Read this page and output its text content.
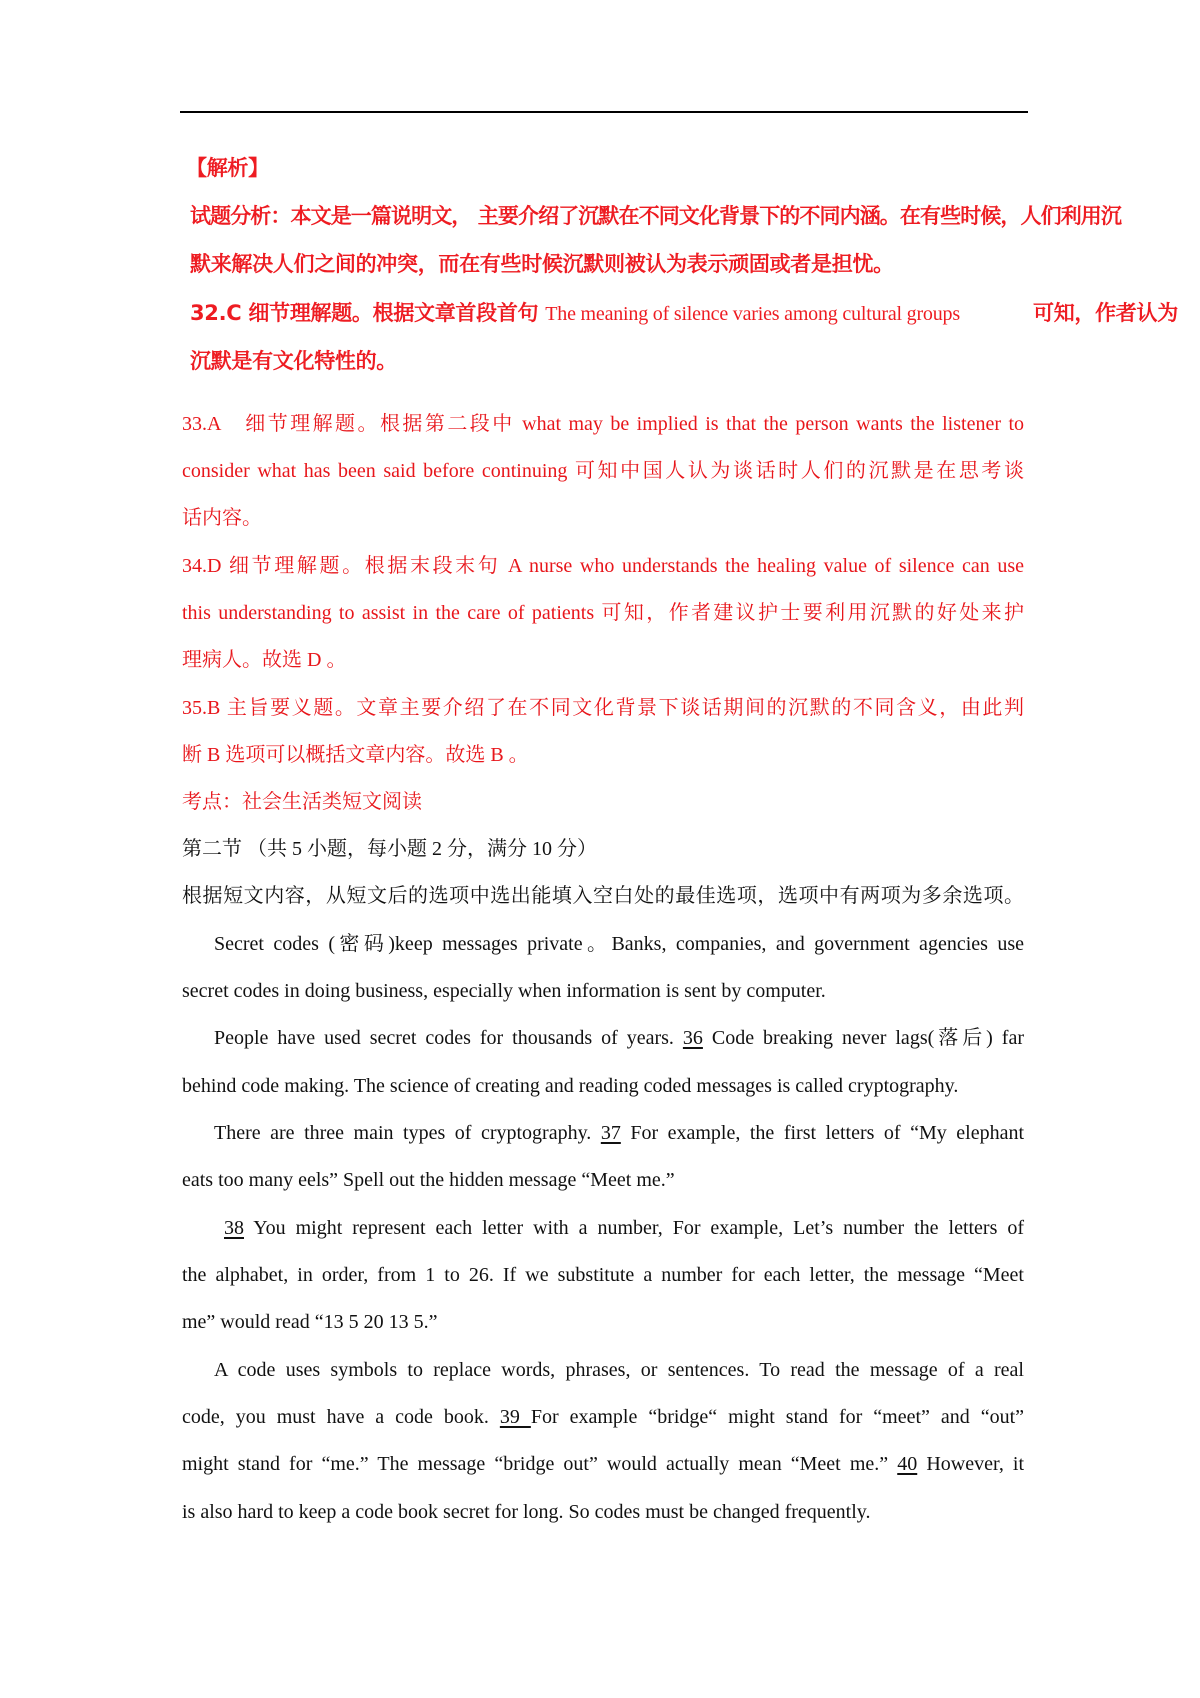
【解析】
试题分析：本文是一篇说明文， 主要介绍了沉默在不同文化背景下的不同内涵。在有些时候，人们利用沉
默来解决人们之间的冲突，而在有些时候沉默则被认为表示顽固或者是担忧。
32.C 细节理解题。根据文章首段首句 The meaning of silence varies among cultural groups	可知，作者认为
沉默是有文化特性的。
33.A　细节理解题。根据第二段中 what may be implied is that the person wants the listener to
consider what has been said before continuing 可知中国人认为谈话时人们的沉默是在思考谈
话内容。
34.D 细节理解题。根据末段末句 A nurse who understands the healing value of silence can use
this understanding to assist in the care of patients 可知，作者建议护士要利用沉默的好处来护
理病人。故选 D 。
35.B 主旨要义题。文章主要介绍了在不同文化背景下谈话期间的沉默的不同含义，由此判
断 B 选项可以概括文章内容。故选 B 。
考点：社会生活类短文阅读
第二节 （共 5 小题，每小题 2 分，满分 10 分）
根据短文内容，从短文后的选项中选出能填入空白处的最佳选项，选项中有两项为多余选项。
Secret codes (密码)keep messages private。Banks, companies, and government agencies use
secret codes in doing business, especially when information is sent by computer.
People have used secret codes for thousands of years. 36 Code breaking never lags(落后) far
behind code making. The science of creating and reading coded messages is called cryptography.
There are three main types of cryptography. 37 For example, the first letters of “My elephant
eats too many eels” Spell out the hidden message “Meet me.”
38 You might represent each letter with a number, For example, Let’s number the letters of
the alphabet, in order, from 1 to 26. If we substitute a number for each letter, the message “Meet
me” would read “13 5 20 13 5.”
A code uses symbols to replace words, phrases, or sentences. To read the message of a real
code, you must have a code book. 39 For example “bridge“ might stand for “meet” and “out”
might stand for “me.” The message “bridge out” would actually mean “Meet me.” 40 However, it
is also hard to keep a code book secret for long. So codes must be changed frequently.
